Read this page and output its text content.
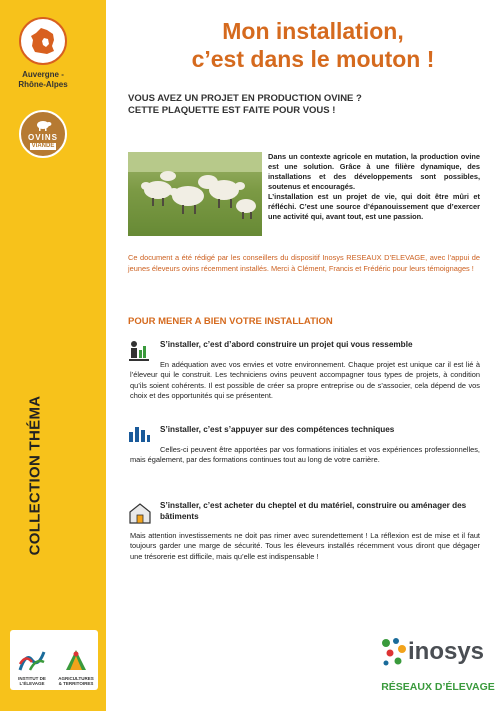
Auvergne - Rhône-Alpes
OVINS
VIANDE
COLLECTION THÉMA
INSTITUT DE L'ÉLEVAGE
AGRICULTURES & TERRITOIRES
Mon installation,
c’est dans le mouton !
VOUS AVEZ UN PROJET EN PRODUCTION OVINE ?
CETTE PLAQUETTE EST FAITE POUR VOUS !

Dans un contexte agricole en mutation, la production ovine est une solution. Grâce à une filière dynamique, des installations et des développements sont possibles, soutenus et encouragés.

L’installation est un projet de vie, qui doit être mûri et réfléchi. C’est une source d’épanouissement que d’exercer une activité qui, avant tout, est une passion.

Ce document a été rédigé par les conseillers du dispositif Inosys RESEAUX D’ELEVAGE, avec l’appui de jeunes éleveurs ovins récemment installés. Merci à Clément, Francis et Frédéric pour leurs témoignages !
POUR MENER A BIEN VOTRE INSTALLATION
S’installer, c’est d’abord construire un projet qui vous ressemble
En adéquation avec vos envies et votre environnement. Chaque projet est unique car il est lié à l’éleveur qui le construit. Les techniciens ovins peuvent accompagner tous types de projets, à condition qu’ils soient cohérents. Il est possible de créer sa propre entreprise ou de s’associer, cela dépend de vos choix et des opportunités qui se présentent.
S’installer, c’est s’appuyer sur des compétences techniques
Celles-ci peuvent être apportées par vos formations initiales et vos expériences professionnelles, mais également, par des formations continues tout au long de votre carrière.
S’installer, c’est acheter du cheptel et du matériel, construire ou aménager des bâtiments
Mais attention investissements ne doit pas rimer avec surendettement ! La réflexion est de mise et il faut toujours garder une marge de sécurité. Tous les éleveurs installés récemment vous diront que dégager une trésorerie est difficile, mais qu’elle est indispensable !
inosys
RÉSEAUX D’ÉLEVAGE
